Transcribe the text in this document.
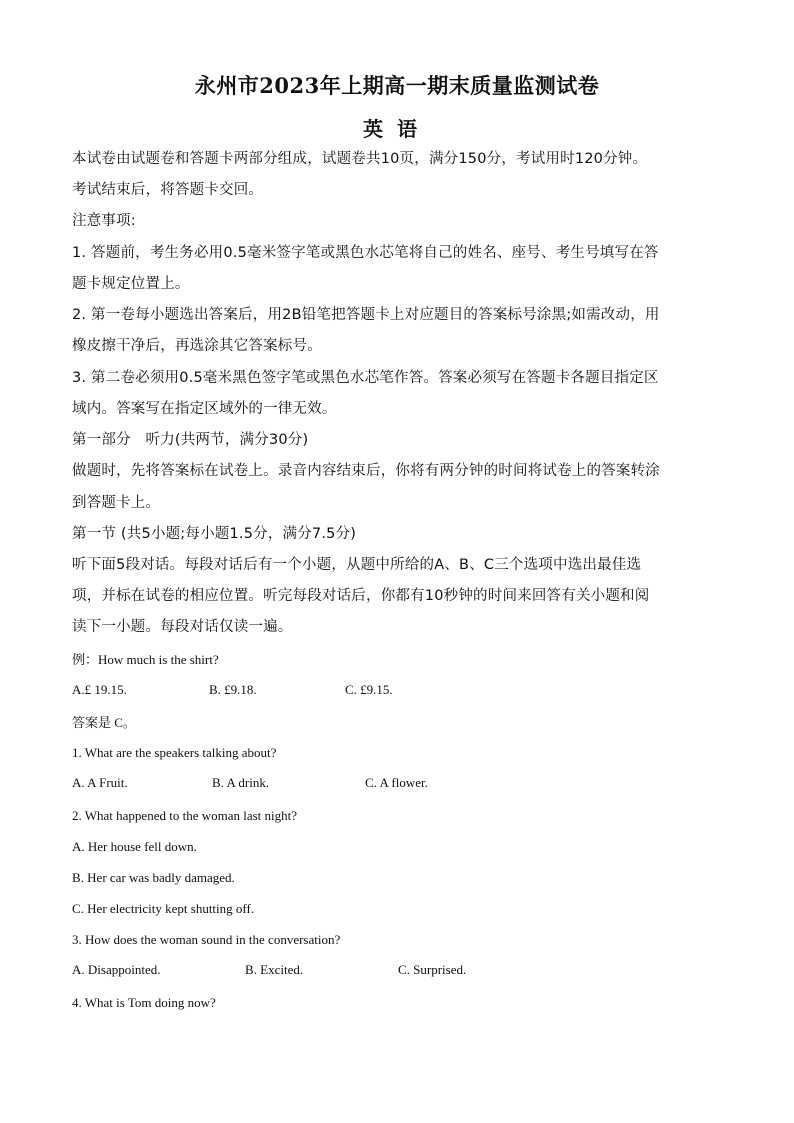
永州市2023年上期高一期末质量监测试卷
英语
本试卷由试题卷和答题卡两部分组成，试题卷共10页，满分150分，考试用时120分钟。
考试结束后，将答题卡交回。
注意事项:
1. 答题前，考生务必用0.5毫米签字笔或黑色水芯笔将自己的姓名、座号、考生号填写在答
题卡规定位置上。
2. 第一卷每小题选出答案后，用2B铅笔把答题卡上对应题目的答案标号涂黑;如需改动，用
橡皮擦干净后，再选涂其它答案标号。
3. 第二卷必须用0.5毫米黑色签字笔或黑色水芯笔作答。答案必须写在答题卡各题目指定区
域内。答案写在指定区域外的一律无效。
第一部分　听力(共两节，满分30分)
做题时，先将答案标在试卷上。录音内容结束后，你将有两分钟的时间将试卷上的答案转涂
到答题卡上。
第一节 (共5小题;每小题1.5分，满分7.5分)
听下面5段对话。每段对话后有一个小题，从题中所给的A、B、C三个选项中选出最佳选
项，并标在试卷的相应位置。听完每段对话后，你都有10秒钟的时间来回答有关小题和阅
读下一小题。每段对话仅读一遍。
例：How much is the shirt?
A.£ 19.15.	B. £9.18.	C. £9.15.
答案是 C。
1. What are the speakers talking about?
A. A Fruit.	B. A drink.	C. A flower.
2. What happened to the woman last night?
A. Her house fell down.
B. Her car was badly damaged.
C. Her electricity kept shutting off.
3. How does the woman sound in the conversation?
A. Disappointed.	B. Excited.	C. Surprised.
4. What is Tom doing now?
